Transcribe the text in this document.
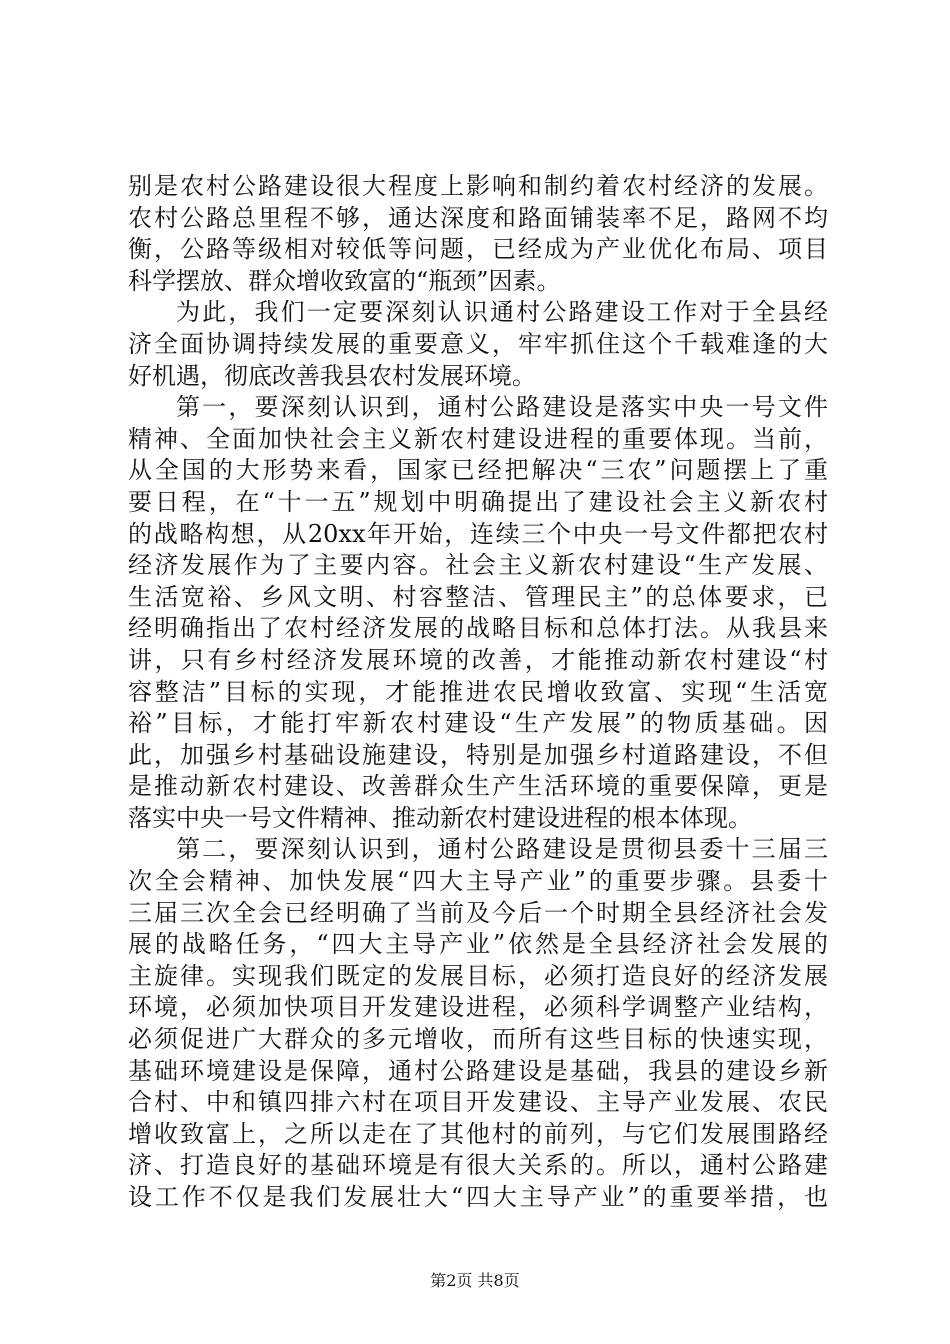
别是农村公路建设很大程度上影响和制约着农村经济的发展。
农村公路总里程不够，通达深度和路面铺装率不足，路网不均
衡，公路等级相对较低等问题，已经成为产业优化布局、项目
科学摆放、群众增收致富的“瓶颈”因素。
为此，我们一定要深刻认识通村公路建设工作对于全县经
济全面协调持续发展的重要意义，牢牢抓住这个千载难逢的大
好机遇，彻底改善我县农村发展环境。
第一，要深刻认识到，通村公路建设是落实中央一号文件
精神、全面加快社会主义新农村建设进程的重要体现。当前，
从全国的大形势来看，国家已经把解决“三农”问题摆上了重
要日程，在“十一五”规划中明确提出了建设社会主义新农村
的战略构想，从20xx年开始，连续三个中央一号文件都把农村
经济发展作为了主要内容。社会主义新农村建设“生产发展、
生活宽裕、乡风文明、村容整洁、管理民主”的总体要求，已
经明确指出了农村经济发展的战略目标和总体打法。从我县来
讲，只有乡村经济发展环境的改善，才能推动新农村建设“村
容整洁”目标的实现，才能推进农民增收致富、实现“生活宽
裕”目标，才能打牢新农村建设“生产发展”的物质基础。因
此，加强乡村基础设施建设，特别是加强乡村道路建设，不但
是推动新农村建设、改善群众生产生活环境的重要保障，更是
落实中央一号文件精神、推动新农村建设进程的根本体现。
第二，要深刻认识到，通村公路建设是贯彻县委十三届三
次全会精神、加快发展“四大主导产业”的重要步骤。县委十
三届三次全会已经明确了当前及今后一个时期全县经济社会发
展的战略任务，“四大主导产业”依然是全县经济社会发展的
主旋律。实现我们既定的发展目标，必须打造良好的经济发展
环境，必须加快项目开发建设进程，必须科学调整产业结构，
必须促进广大群众的多元增收，而所有这些目标的快速实现，
基础环境建设是保障，通村公路建设是基础，我县的建设乡新
合村、中和镇四排六村在项目开发建设、主导产业发展、农民
增收致富上，之所以走在了其他村的前列，与它们发展围路经
济、打造良好的基础环境是有很大关系的。所以，通村公路建
设工作不仅是我们发展壮大“四大主导产业”的重要举措，也
第2页 共8页
